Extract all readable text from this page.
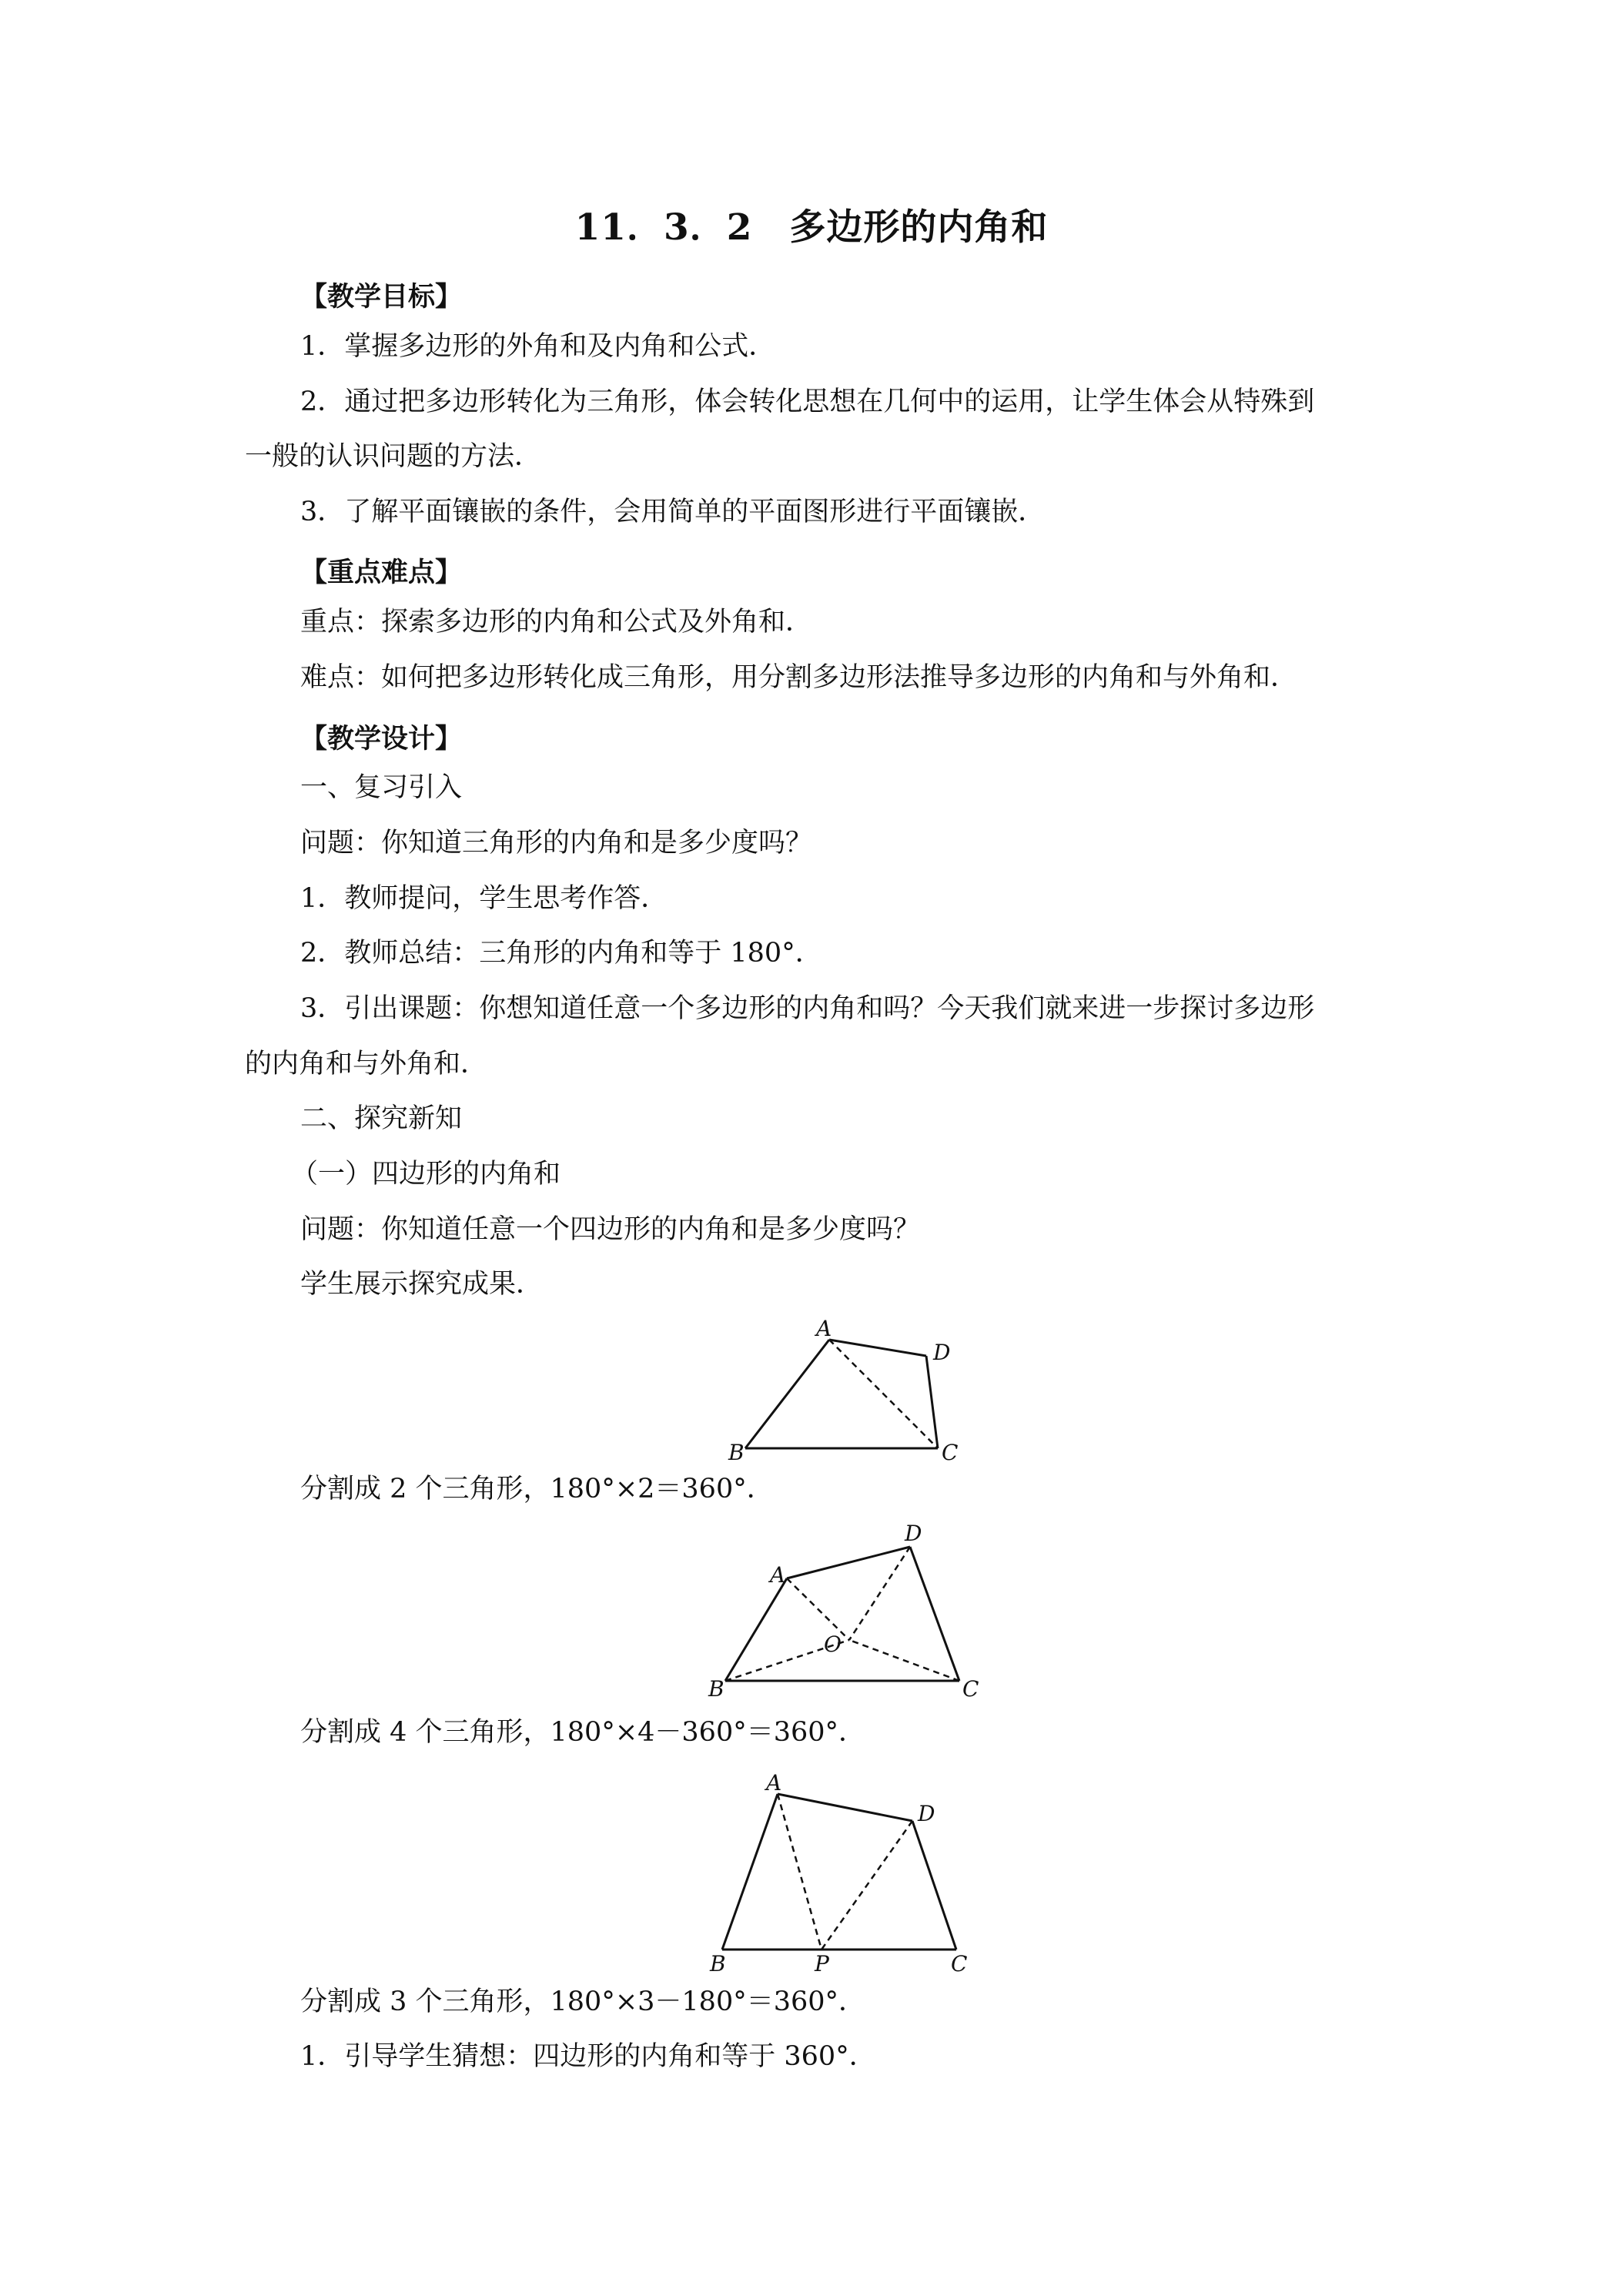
11．3．2　多边形的内角和
【教学目标】
1．掌握多边形的外角和及内角和公式．
2．通过把多边形转化为三角形，体会转化思想在几何中的运用，让学生体会从特殊到
一般的认识问题的方法．
3．了解平面镶嵌的条件，会用简单的平面图形进行平面镶嵌．
【重点难点】
重点：探索多边形的内角和公式及外角和．
难点：如何把多边形转化成三角形，用分割多边形法推导多边形的内角和与外角和．
【教学设计】
一、复习引入
问题：你知道三角形的内角和是多少度吗？
1．教师提问，学生思考作答．
2．教师总结：三角形的内角和等于 180°．
3．引出课题：你想知道任意一个多边形的内角和吗？今天我们就来进一步探讨多边形
的内角和与外角和．
二、探究新知
（一）四边形的内角和
问题：你知道任意一个四边形的内角和是多少度吗？
学生展示探究成果．
A
D
B	C
分割成 2 个三角形，180°×2＝360°．
A
D
B	C
O
分割成 4 个三角形，180°×4－360°＝360°．
A
D
B	P	C
分割成 3 个三角形，180°×3－180°＝360°．
1．引导学生猜想：四边形的内角和等于 360°．
